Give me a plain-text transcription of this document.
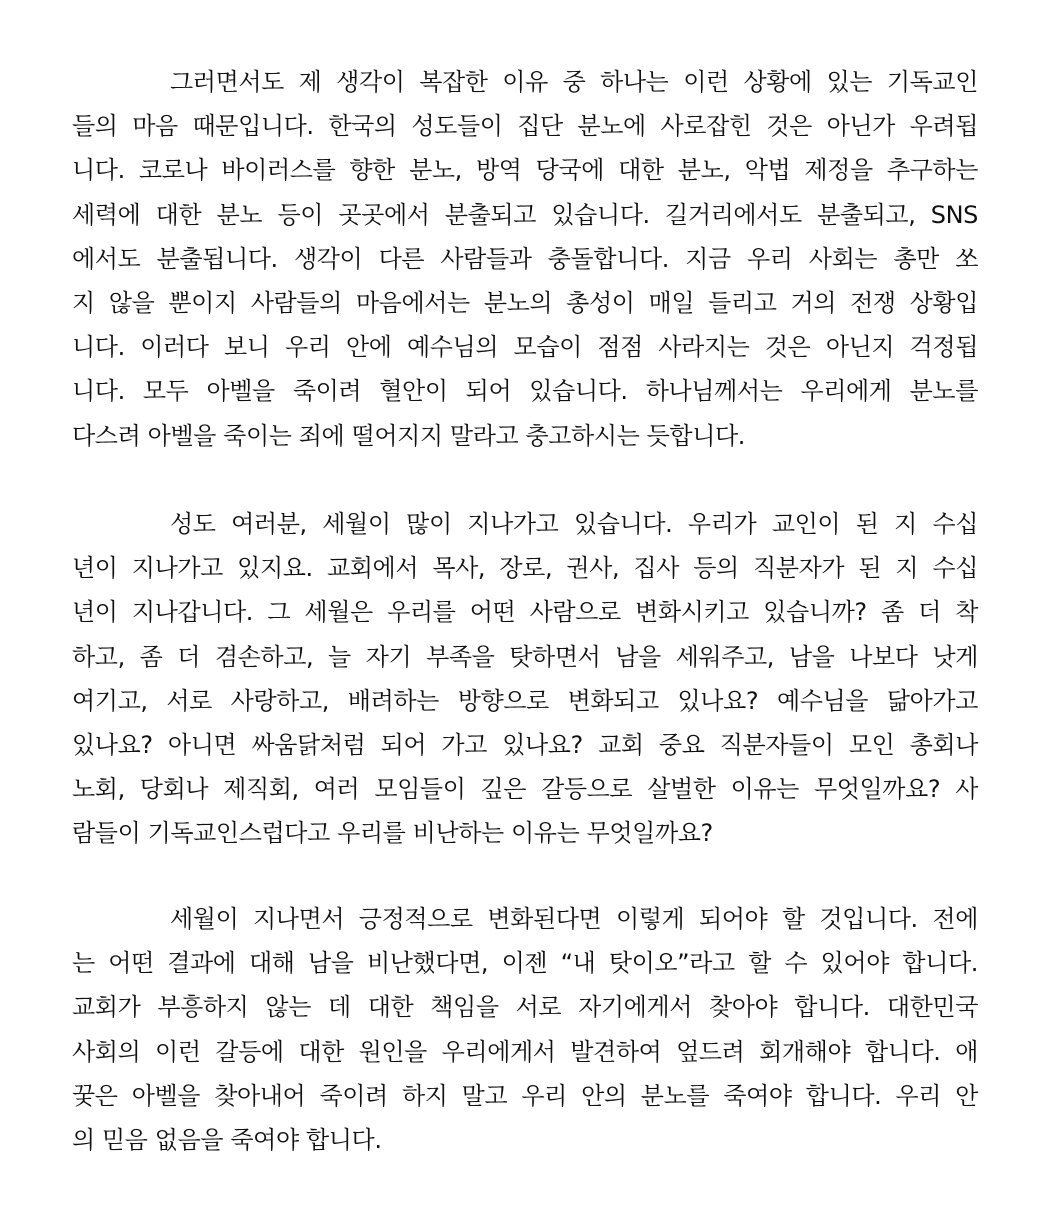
그러면서도 제 생각이 복잡한 이유 중 하나는 이런 상황에 있는 기독교인
들의 마음 때문입니다. 한국의 성도들이 집단 분노에 사로잡힌 것은 아닌가 우려됩
니다. 코로나 바이러스를 향한 분노, 방역 당국에 대한 분노, 악법 제정을 추구하는
세력에 대한 분노 등이 곳곳에서 분출되고 있습니다. 길거리에서도 분출되고, SNS
에서도 분출됩니다. 생각이 다른 사람들과 충돌합니다. 지금 우리 사회는 총만 쏘
지 않을 뿐이지 사람들의 마음에서는 분노의 총성이 매일 들리고 거의 전쟁 상황입
니다. 이러다 보니 우리 안에 예수님의 모습이 점점 사라지는 것은 아닌지 걱정됩
니다. 모두 아벨을 죽이려 혈안이 되어 있습니다. 하나님께서는 우리에게 분노를
다스려 아벨을 죽이는 죄에 떨어지지 말라고 충고하시는 듯합니다.
성도 여러분, 세월이 많이 지나가고 있습니다. 우리가 교인이 된 지 수십
년이 지나가고 있지요. 교회에서 목사, 장로, 권사, 집사 등의 직분자가 된 지 수십
년이 지나갑니다. 그 세월은 우리를 어떤 사람으로 변화시키고 있습니까? 좀 더 착
하고, 좀 더 겸손하고, 늘 자기 부족을 탓하면서 남을 세워주고, 남을 나보다 낫게
여기고, 서로 사랑하고, 배려하는 방향으로 변화되고 있나요? 예수님을 닮아가고
있나요? 아니면 싸움닭처럼 되어 가고 있나요? 교회 중요 직분자들이 모인 총회나
노회, 당회나 제직회, 여러 모임들이 깊은 갈등으로 살벌한 이유는 무엇일까요? 사
람들이 기독교인스럽다고 우리를 비난하는 이유는 무엇일까요?
세월이 지나면서 긍정적으로 변화된다면 이렇게 되어야 할 것입니다. 전에
는 어떤 결과에 대해 남을 비난했다면, 이젠 “내 탓이오”라고 할 수 있어야 합니다.
교회가 부흥하지 않는 데 대한 책임을 서로 자기에게서 찾아야 합니다. 대한민국
사회의 이런 갈등에 대한 원인을 우리에게서 발견하여 엎드려 회개해야 합니다. 애
꿎은 아벨을 찾아내어 죽이려 하지 말고 우리 안의 분노를 죽여야 합니다. 우리 안
의 믿음 없음을 죽여야 합니다.
